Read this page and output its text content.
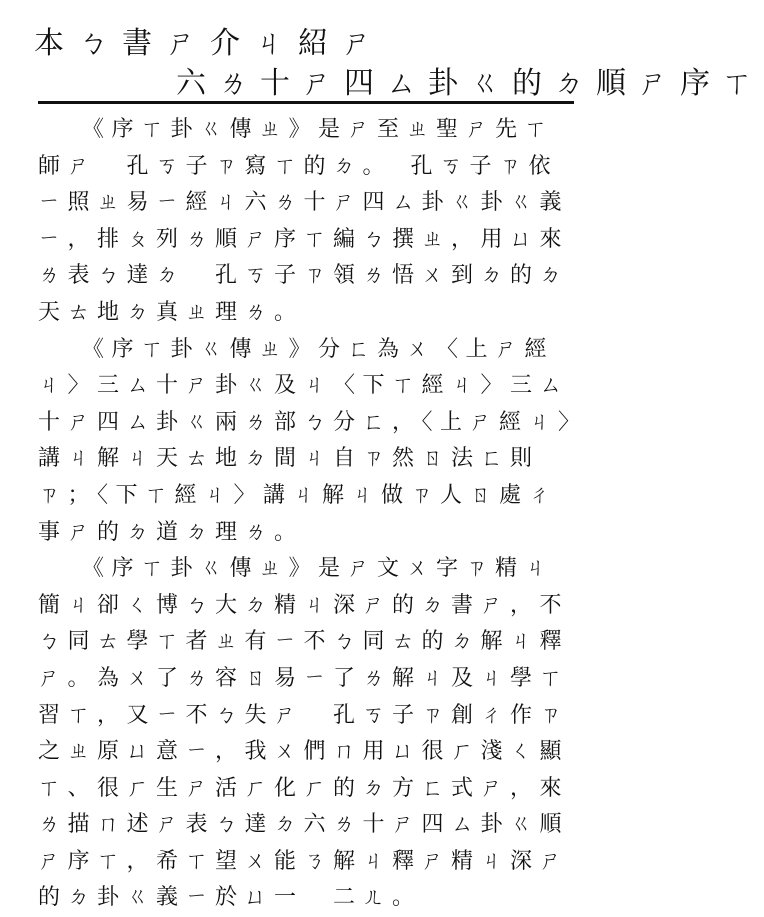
本ㄅ書ㄕ介ㄐ紹ㄕ
六ㄌ十ㄕ四ㄙ卦ㄍ的ㄉ順ㄕ序ㄒ

《序ㄒ卦ㄍ傳ㄓ》是ㄕ至ㄓ聖ㄕ先ㄒ師ㄕ　孔ㄎ子ㄗ寫ㄒ的ㄉ。　孔ㄎ子ㄗ依ㄧ照ㄓ易ㄧ經ㄐ六ㄌ十ㄕ四ㄙ卦ㄍ卦ㄍ義ㄧ，排ㄆ列ㄌ順ㄕ序ㄒ編ㄅ撰ㄓ，用ㄩ來ㄌ表ㄅ達ㄉ　孔ㄎ子ㄗ領ㄌ悟ㄨ到ㄉ的ㄉ天ㄊ地ㄉ真ㄓ理ㄌ。

《序ㄒ卦ㄍ傳ㄓ》分ㄈ為ㄨ〈上ㄕ經ㄐ〉三ㄙ十ㄕ卦ㄍ及ㄐ〈下ㄒ經ㄐ〉三ㄙ十ㄕ四ㄙ卦ㄍ兩ㄌ部ㄅ分ㄈ，〈上ㄕ經ㄐ〉講ㄐ解ㄐ天ㄊ地ㄉ間ㄐ自ㄗ然ㄖ法ㄈ則ㄗ；〈下ㄒ經ㄐ〉講ㄐ解ㄐ做ㄗ人ㄖ處ㄔ事ㄕ的ㄉ道ㄉ理ㄌ。

《序ㄒ卦ㄍ傳ㄓ》是ㄕ文ㄨ字ㄗ精ㄐ簡ㄐ卻ㄑ博ㄅ大ㄉ精ㄐ深ㄕ的ㄉ書ㄕ，不ㄅ同ㄊ學ㄒ者ㄓ有ㄧ不ㄅ同ㄊ的ㄉ解ㄐ釋ㄕ。為ㄨ了ㄌ容ㄖ易ㄧ了ㄌ解ㄐ及ㄐ學ㄒ習ㄒ，又ㄧ不ㄅ失ㄕ　孔ㄎ子ㄗ創ㄔ作ㄗ之ㄓ原ㄩ意ㄧ，我ㄨ們ㄇ用ㄩ很ㄏ淺ㄑ顯ㄒ、很ㄏ生ㄕ活ㄏ化ㄏ的ㄉ方ㄈ式ㄕ，來ㄌ描ㄇ述ㄕ表ㄅ達ㄉ六ㄌ十ㄕ四ㄙ卦ㄍ順ㄕ序ㄒ，希ㄒ望ㄨ能ㄋ解ㄐ釋ㄕ精ㄐ深ㄕ的ㄉ卦ㄍ義ㄧ於ㄩ一　二ㄦ。
